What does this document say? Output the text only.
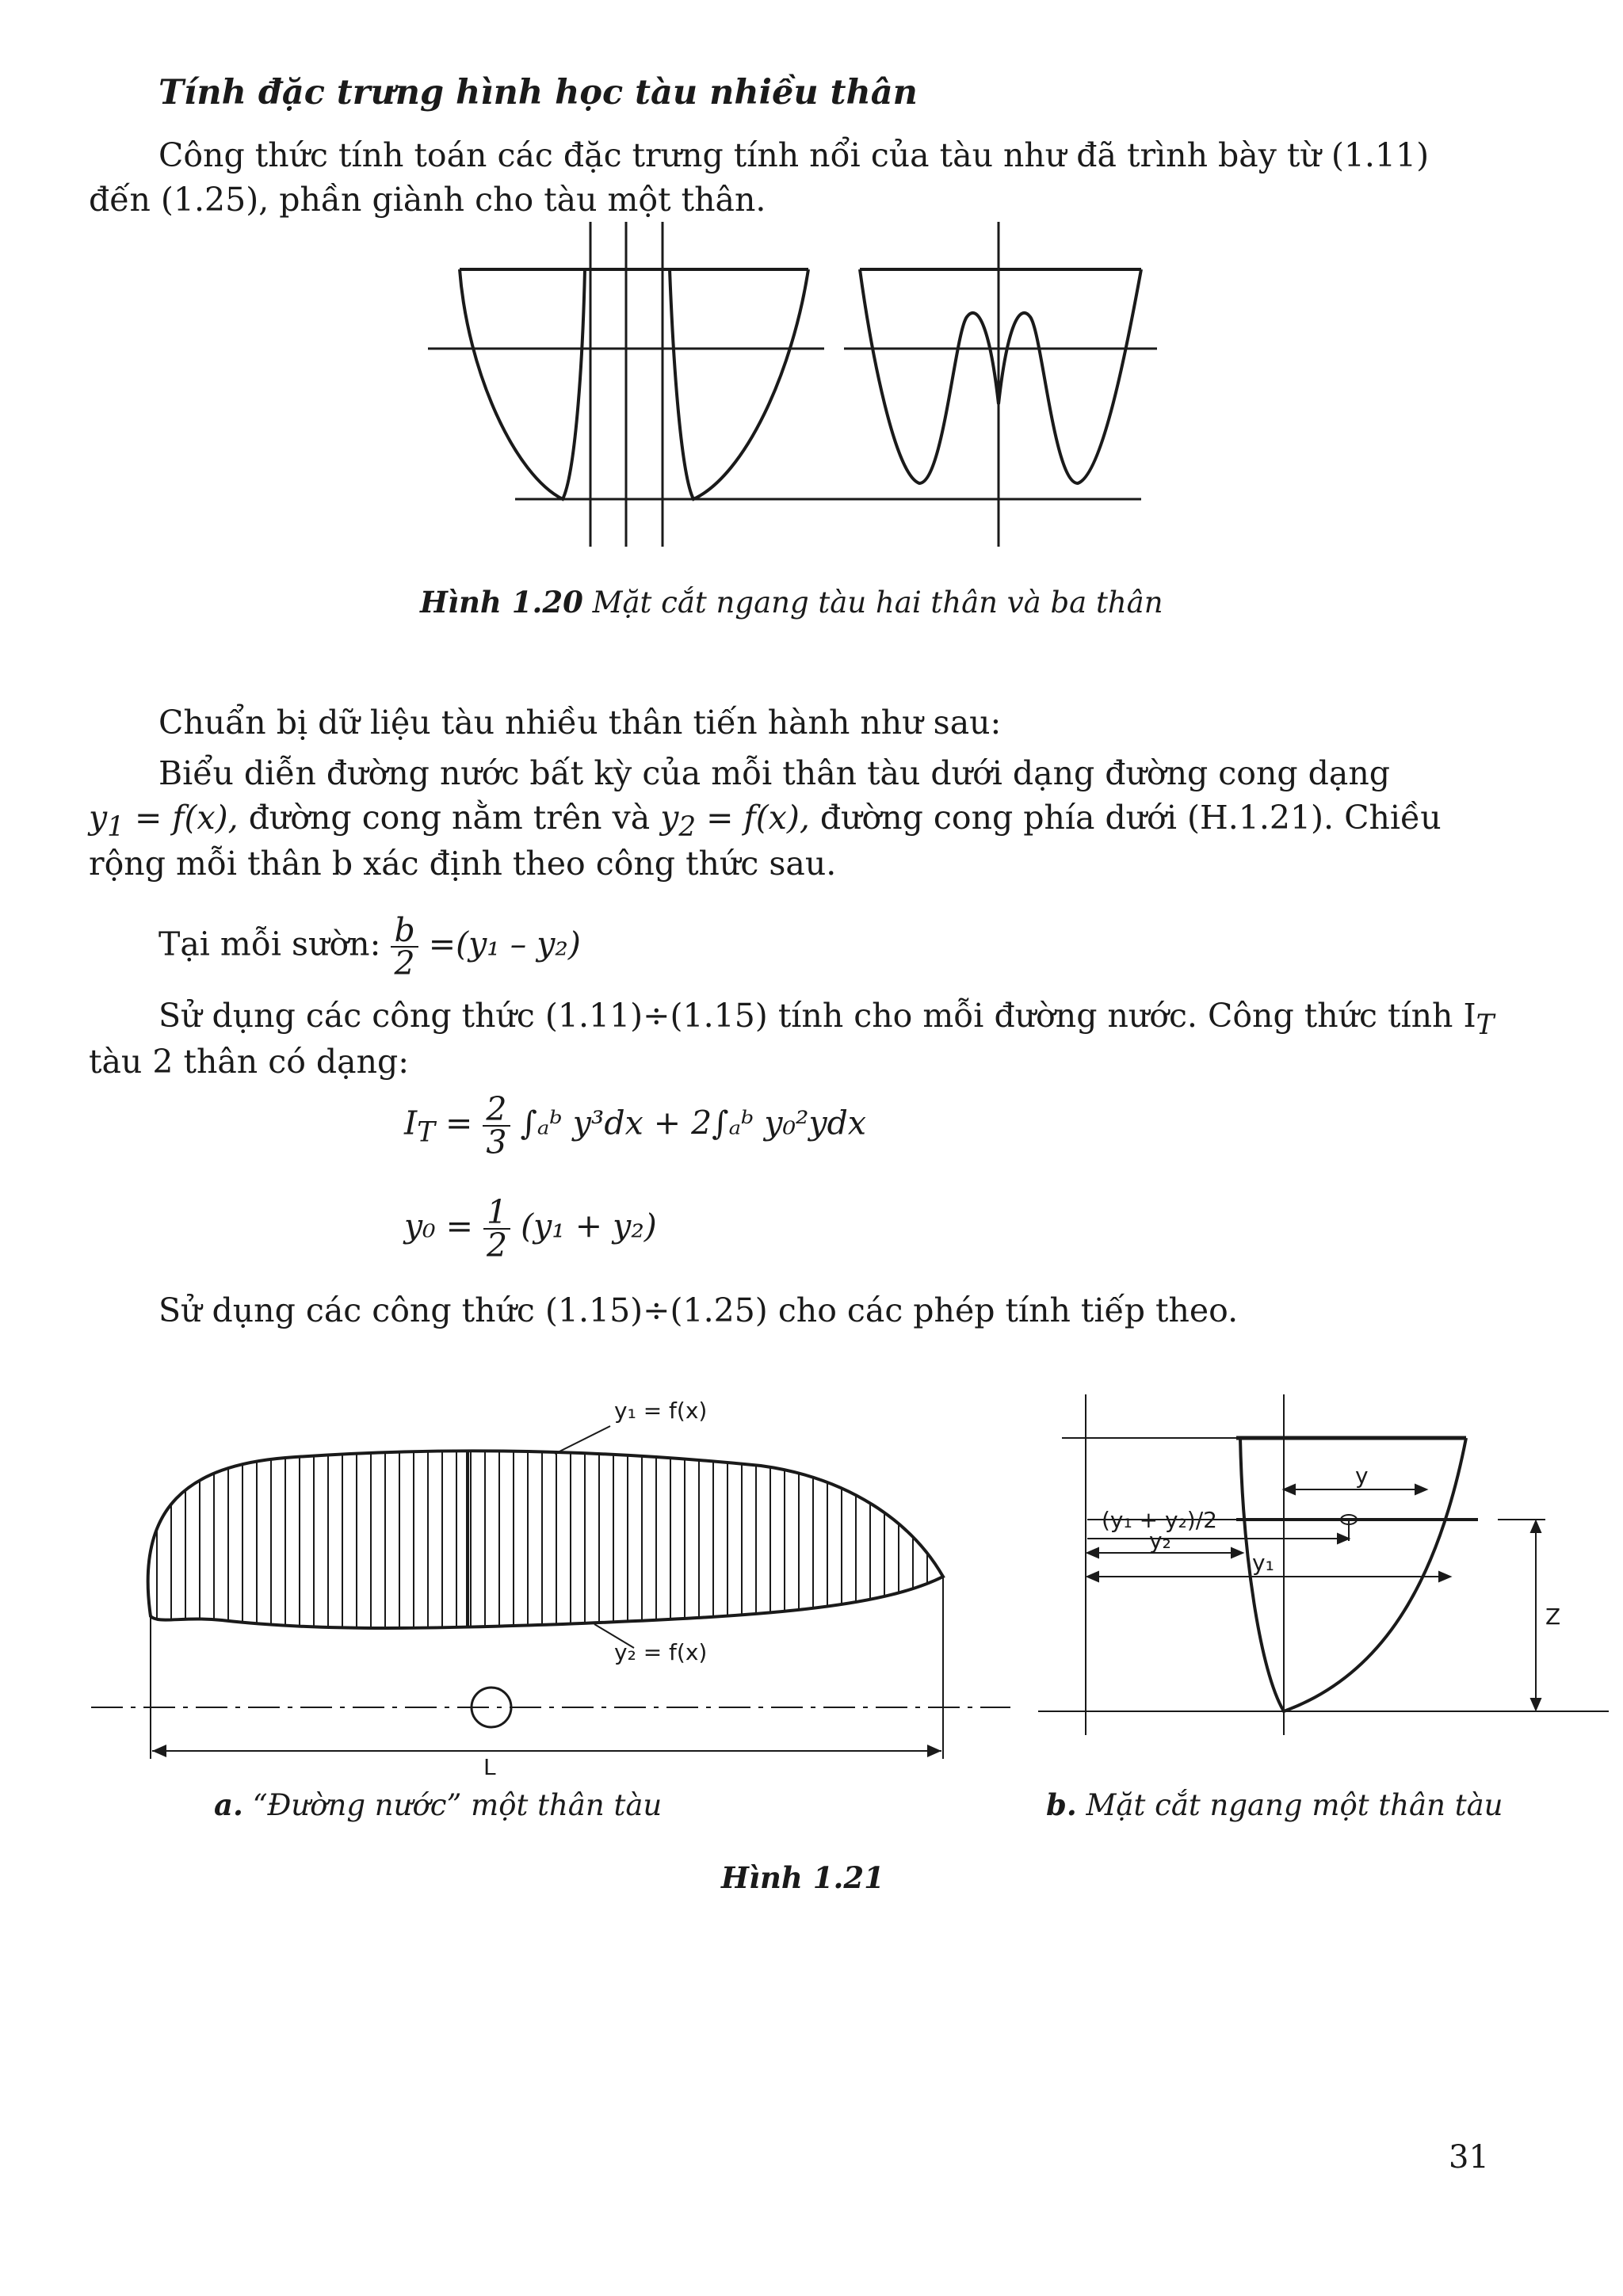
Tính đặc trưng hình học tàu nhiều thân
Công thức tính toán các đặc trưng tính nổi của tàu như đã trình bày từ (1.11)
đến (1.25), phần giành cho tàu một thân.
Hình 1.20 Mặt cắt ngang tàu hai thân và ba thân
Chuẩn bị dữ liệu tàu nhiều thân tiến hành như sau:
Biểu diễn đường nước bất kỳ của mỗi thân tàu dưới dạng đường cong dạng
$y_1 = f(x)$, đường cong nằm trên và $y_2 = f(x)$, đường cong phía dưới (H.1.21). Chiều
rộng mỗi thân b xác định theo công thức sau.
Tại mỗi sườn: $\frac{b}{2} =(y_1 - y_2)$
Sử dụng các công thức (1.11)÷(1.15) tính cho mỗi đường nước. Công thức tính $I_T$
tàu 2 thân có dạng:
$I_T = \frac{2}{3}$ ∫ₐᵇ y³dx + 2∫ₐᵇ y₀²ydx
$y_0 = \frac{1}{2} (y_1 + y_2)$
Sử dụng các công thức (1.15)÷(1.25) cho các phép tính tiếp theo.
y₁ = f(x)
y₂ = f(x)
L
y
(y₁ + y₂)/2
y₂
y₁
Z
a. “Đường nước” một thân tàu	b. Mặt cắt ngang một thân tàu
Hình 1.21
31
